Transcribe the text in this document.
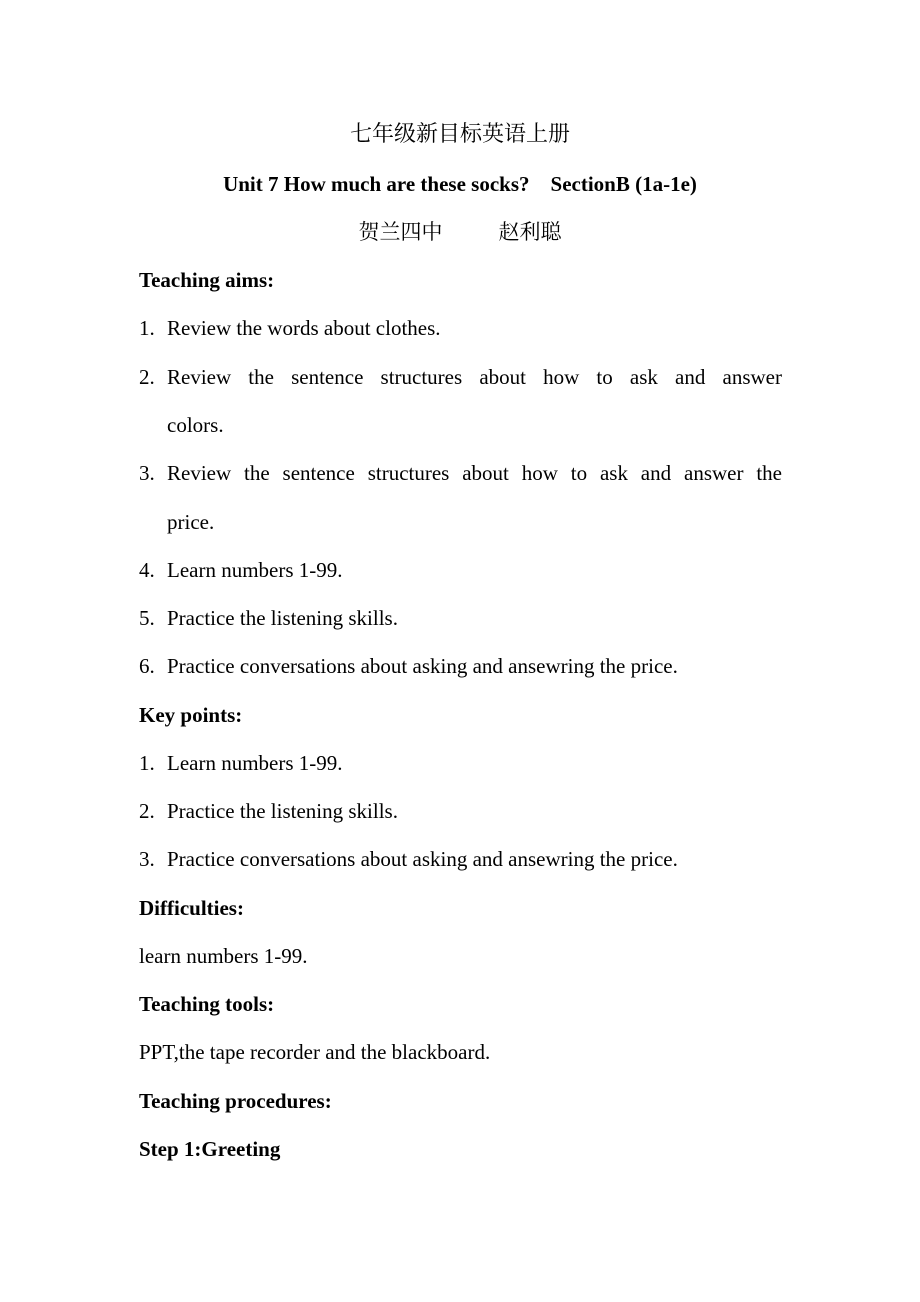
七年级新目标英语上册
Unit 7 How much are these socks?    SectionB (1a-1e)
贺兰四中	赵利聪
Teaching aims:
1. Review the words about clothes.
2. Review the sentence structures about how to ask and answer
colors.
3. Review the sentence structures about how to ask and answer the
price.
4. Learn numbers 1-99.
5. Practice the listening skills.
6. Practice conversations about asking and ansewring the price.
Key points:
1. Learn numbers 1-99.
2. Practice the listening skills.
3. Practice conversations about asking and ansewring the price.
Difficulties:
learn numbers 1-99.
Teaching tools:
PPT,the tape recorder and the blackboard.
Teaching procedures:
Step 1:Greeting
